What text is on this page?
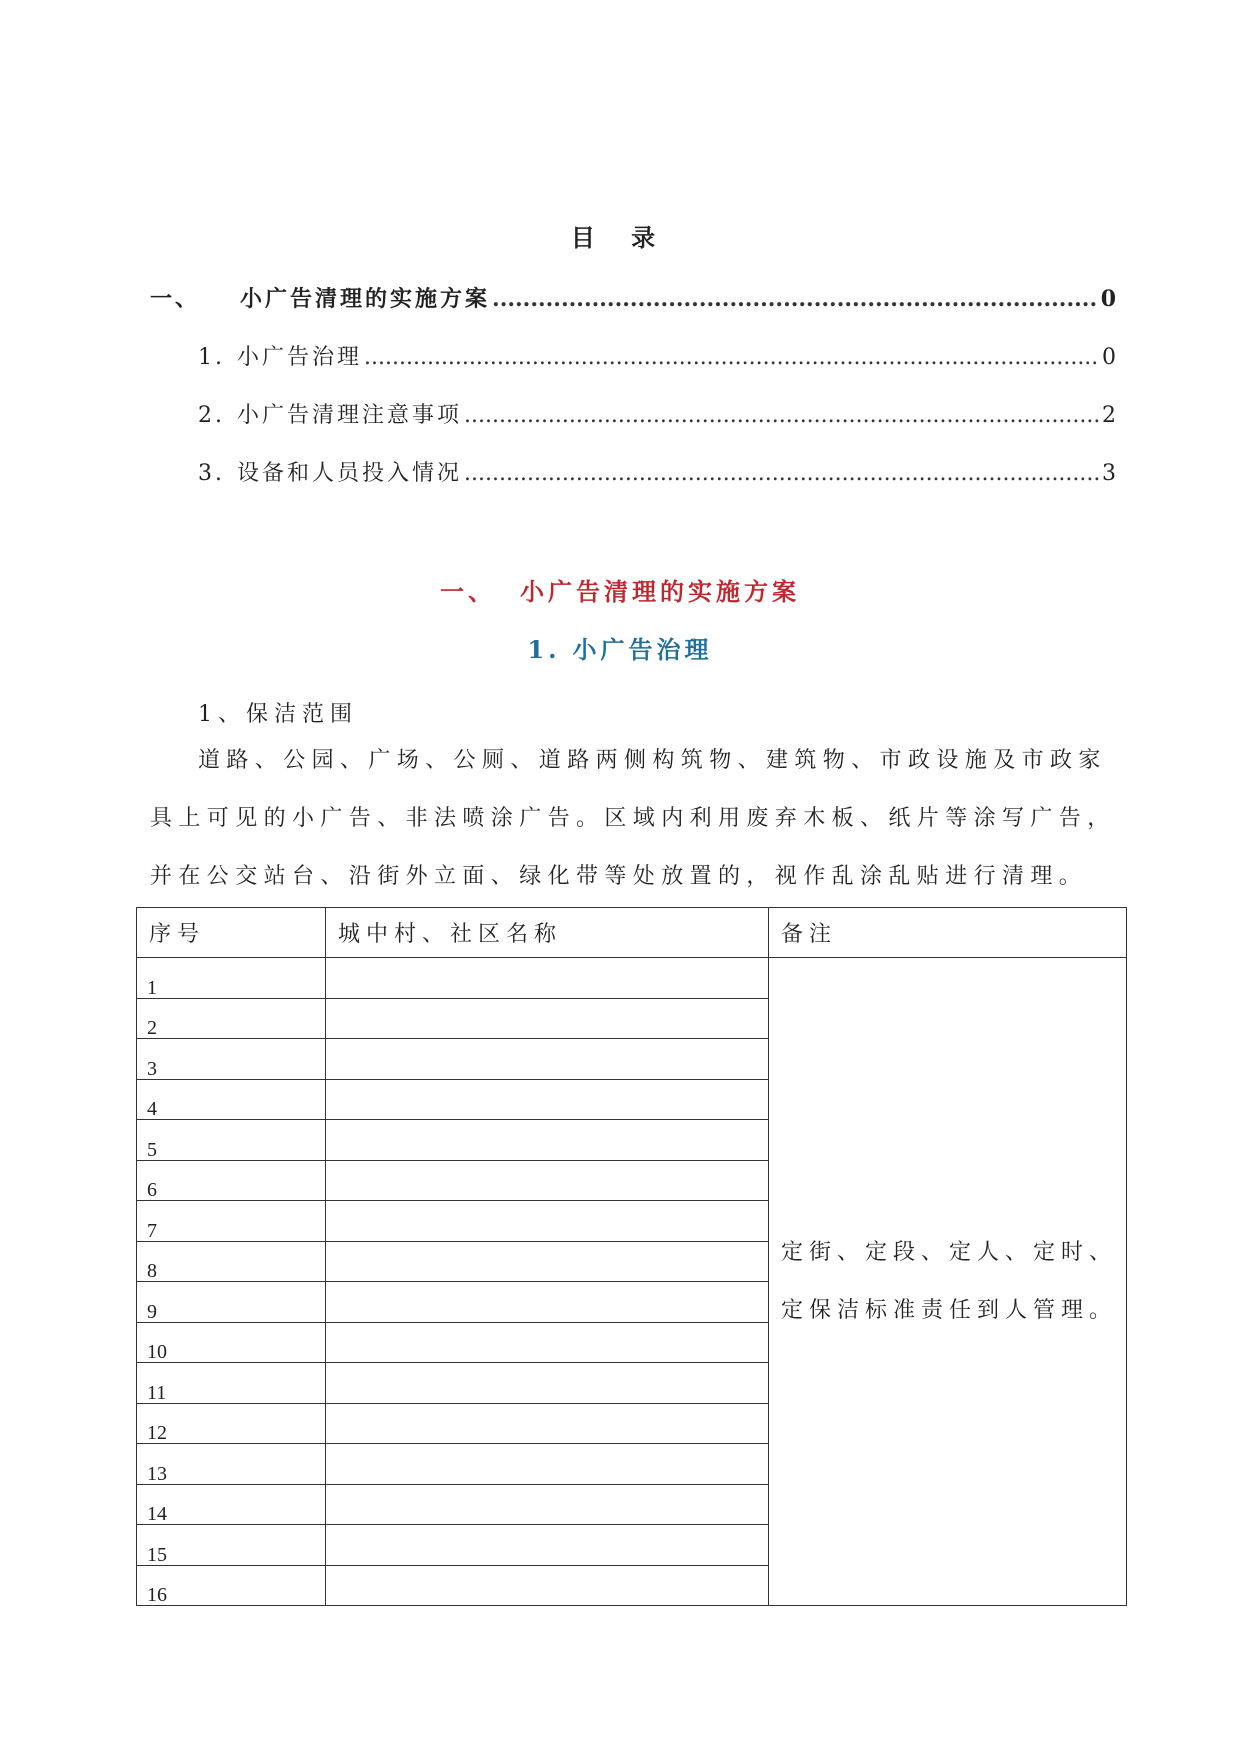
目 录
一、 小广告清理的实施方案 .....	0
1. 小广告治理 .....	0
2. 小广告清理注意事项 .....	2
3. 设备和人员投入情况 .....	3
一、 小广告清理的实施方案
1. 小广告治理
1、保洁范围
道路、公园、广场、公厕、道路两侧构筑物、建筑物、市政设施及市政家具上可见的小广告、非法喷涂广告。区域内利用废弃木板、纸片等涂写广告，并在公交站台、沿街外立面、绿化带等处放置的，视作乱涂乱贴进行清理。
序号	城中村、社区名称	备注
1		定街、定段、定人、定时、
定保洁标准责任到人管理。

2		
3		
4		
5		
6		
7		
8		
9		
10		
11		
12		
13		
14		
15		
16		
